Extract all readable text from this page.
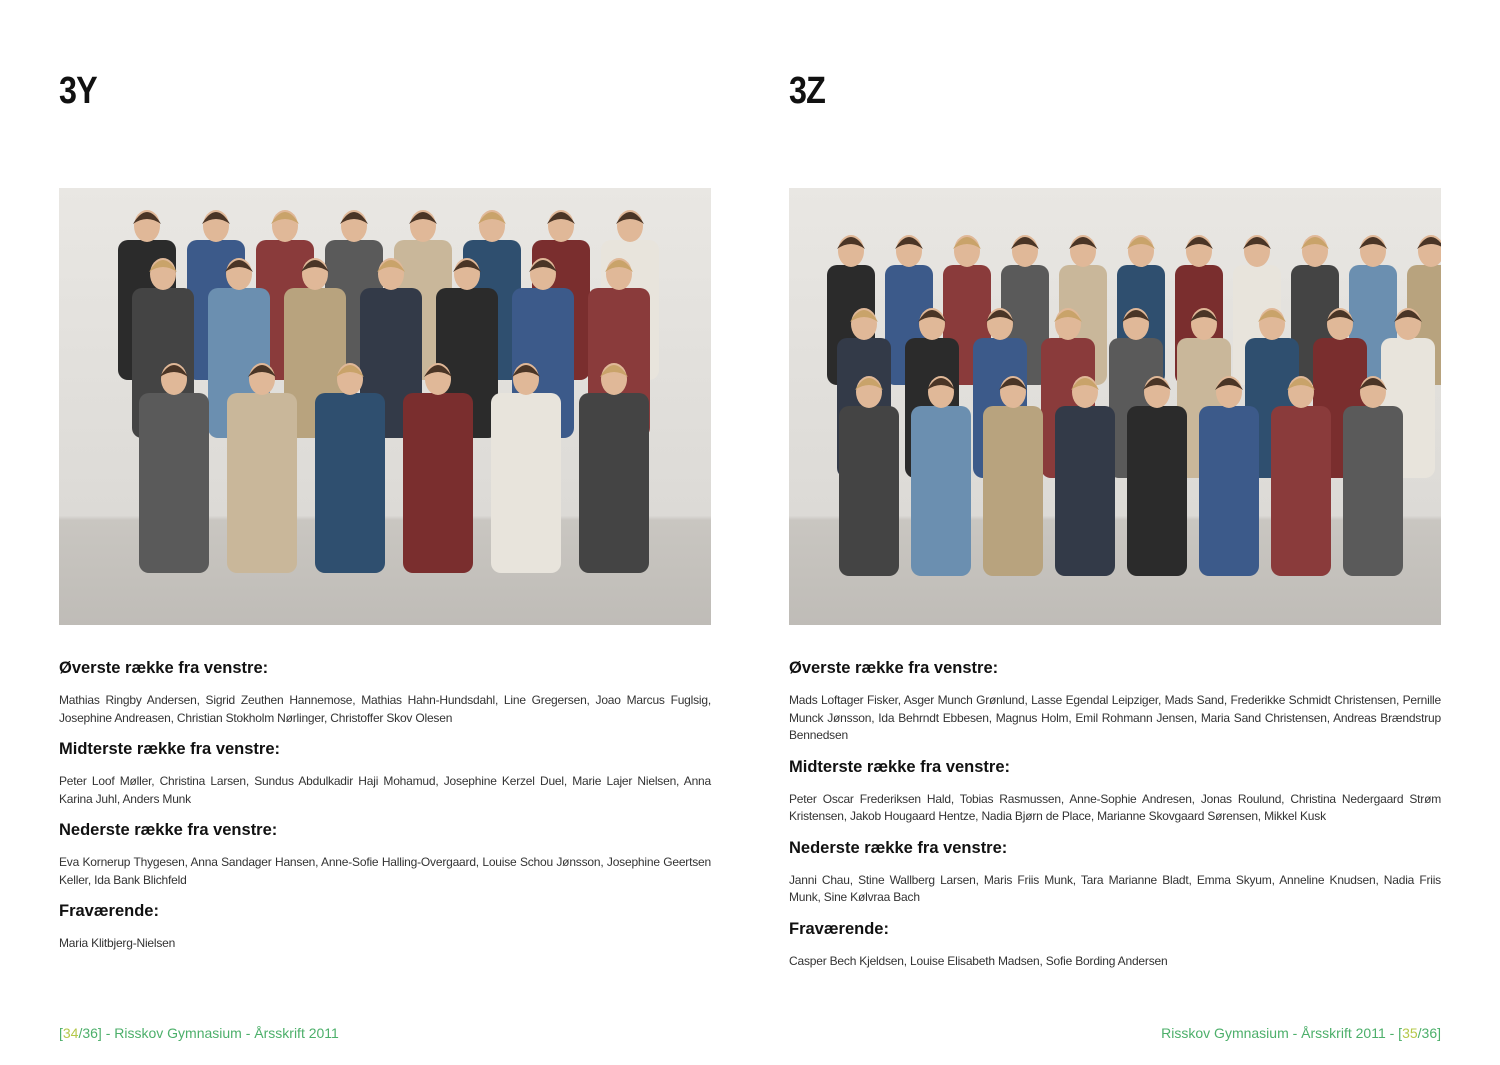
3Y
Øverste række fra venstre:
Mathias Ringby Andersen, Sigrid Zeuthen Hannemose, Mathias Hahn-Hundsdahl, Line Gregersen, Joao Marcus Fuglsig, Josephine Andreasen, Christian Stokholm Nørlinger, Christoffer Skov Olesen
Midterste række fra venstre:
Peter Loof Møller, Christina Larsen, Sundus Abdulkadir Haji Mohamud, Josephine Kerzel Duel, Marie Lajer Nielsen, Anna Karina Juhl, Anders Munk
Nederste række fra venstre:
Eva Kornerup Thygesen, Anna Sandager Hansen, Anne-Sofie Halling-Overgaard, Louise Schou Jønsson, Josephine Geertsen Keller, Ida Bank Blichfeld
Fraværende:
Maria Klitbjerg-Nielsen
3Z
Øverste række fra venstre:
Mads Loftager Fisker, Asger Munch Grønlund, Lasse Egendal Leipziger, Mads Sand, Frederikke Schmidt Christensen, Pernille Munck Jønsson, Ida Behrndt Ebbesen, Magnus Holm, Emil Rohmann Jensen, Maria Sand Christensen, Andreas Brændstrup Bennedsen
Midterste række fra venstre:
Peter Oscar Frederiksen Hald, Tobias Rasmussen, Anne-Sophie Andresen, Jonas Roulund, Christina Nedergaard Strøm Kristensen, Jakob Hougaard Hentze, Nadia Bjørn de Place, Marianne Skovgaard Sørensen, Mikkel Kusk
Nederste række fra venstre:
Janni Chau, Stine Wallberg Larsen, Maris Friis Munk, Tara Marianne Bladt, Emma Skyum, Anneline Knudsen, Nadia Friis Munk, Sine Kølvraa Bach
Fraværende:
Casper Bech Kjeldsen, Louise Elisabeth Madsen, Sofie Bording Andersen
[34/36] - Risskov Gymnasium - Årsskrift 2011	Risskov Gymnasium - Årsskrift 2011 - [35/36]
